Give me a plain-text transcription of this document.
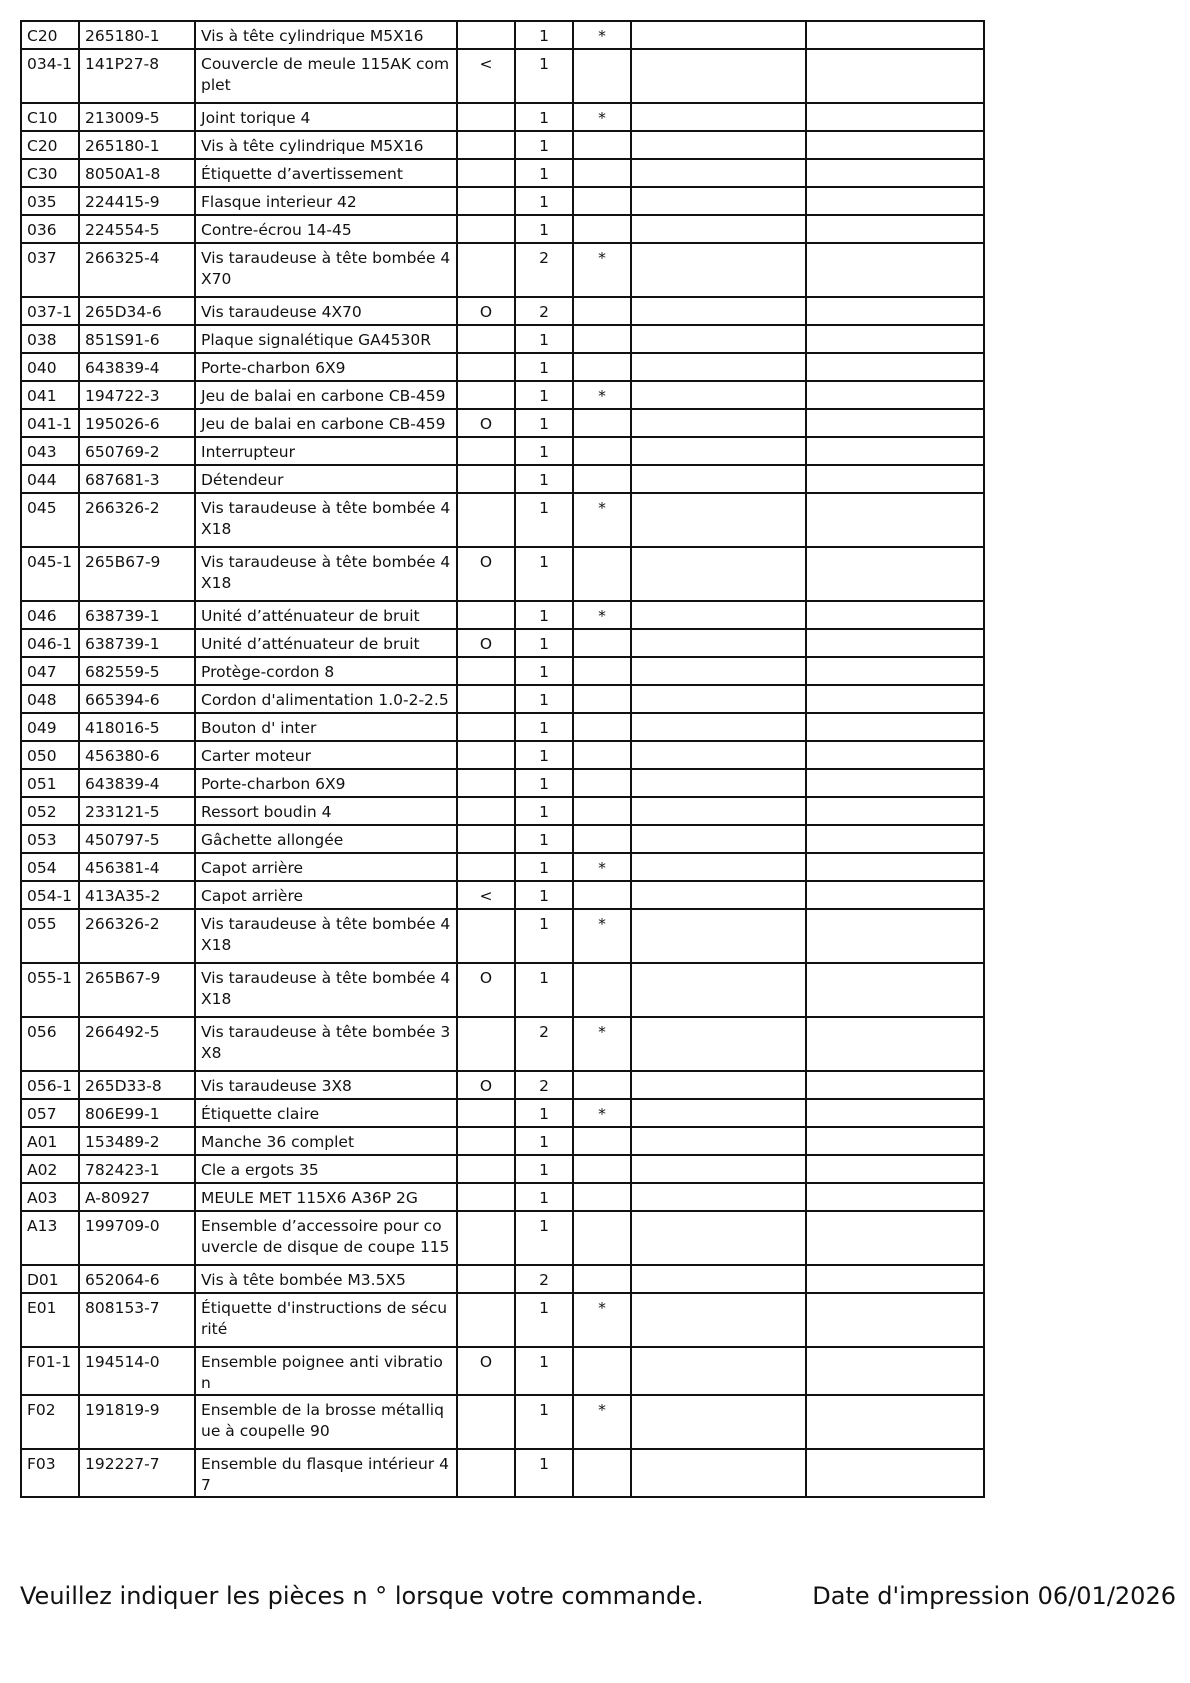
C20	265180-1	Vis à tête cylindrique M5X16		1	*		
034-1	141P27-8	Couvercle de meule 115AK complet	<	1			
C10	213009-5	Joint torique 4		1	*		
C20	265180-1	Vis à tête cylindrique M5X16		1			
C30	8050A1-8	Étiquette d’avertissement		1			
035	224415-9	Flasque interieur 42		1			
036	224554-5	Contre-écrou 14-45		1			
037	266325-4	Vis taraudeuse à tête bombée 4X70		2	*		
037-1	265D34-6	Vis taraudeuse 4X70	O	2			
038	851S91-6	Plaque signalétique GA4530R		1			
040	643839-4	Porte-charbon 6X9		1			
041	194722-3	Jeu de balai en carbone CB-459		1	*		
041-1	195026-6	Jeu de balai en carbone CB-459	O	1			
043	650769-2	Interrupteur		1			
044	687681-3	Détendeur		1			
045	266326-2	Vis taraudeuse à tête bombée 4X18		1	*		
045-1	265B67-9	Vis taraudeuse à tête bombée 4X18	O	1			
046	638739-1	Unité d’atténuateur de bruit		1	*		
046-1	638739-1	Unité d’atténuateur de bruit	O	1			
047	682559-5	Protège-cordon 8		1			
048	665394-6	Cordon d'alimentation 1.0-2-2.5		1			
049	418016-5	Bouton d' inter		1			
050	456380-6	Carter moteur		1			
051	643839-4	Porte-charbon 6X9		1			
052	233121-5	Ressort boudin 4		1			
053	450797-5	Gâchette allongée		1			
054	456381-4	Capot arrière		1	*		
054-1	413A35-2	Capot arrière	<	1			
055	266326-2	Vis taraudeuse à tête bombée 4X18		1	*		
055-1	265B67-9	Vis taraudeuse à tête bombée 4X18	O	1			
056	266492-5	Vis taraudeuse à tête bombée 3X8		2	*		
056-1	265D33-8	Vis taraudeuse 3X8	O	2			
057	806E99-1	Étiquette claire		1	*		
A01	153489-2	Manche 36 complet		1			
A02	782423-1	Cle a ergots 35		1			
A03	A-80927	MEULE MET 115X6 A36P 2G		1			
A13	199709-0	Ensemble d’accessoire pour couvercle de disque de coupe 115		1			
D01	652064-6	Vis à tête bombée M3.5X5		2			
E01	808153-7	Étiquette d'instructions de sécurité		1	*		
F01-1	194514-0	Ensemble poignee anti vibration	O	1			
F02	191819-9	Ensemble de la brosse métallique à coupelle 90		1	*		
F03	192227-7	Ensemble du flasque intérieur 47		1			
Veuillez indiquer les pièces n ° lorsque votre commande.	Date d'impression 06/01/2026
